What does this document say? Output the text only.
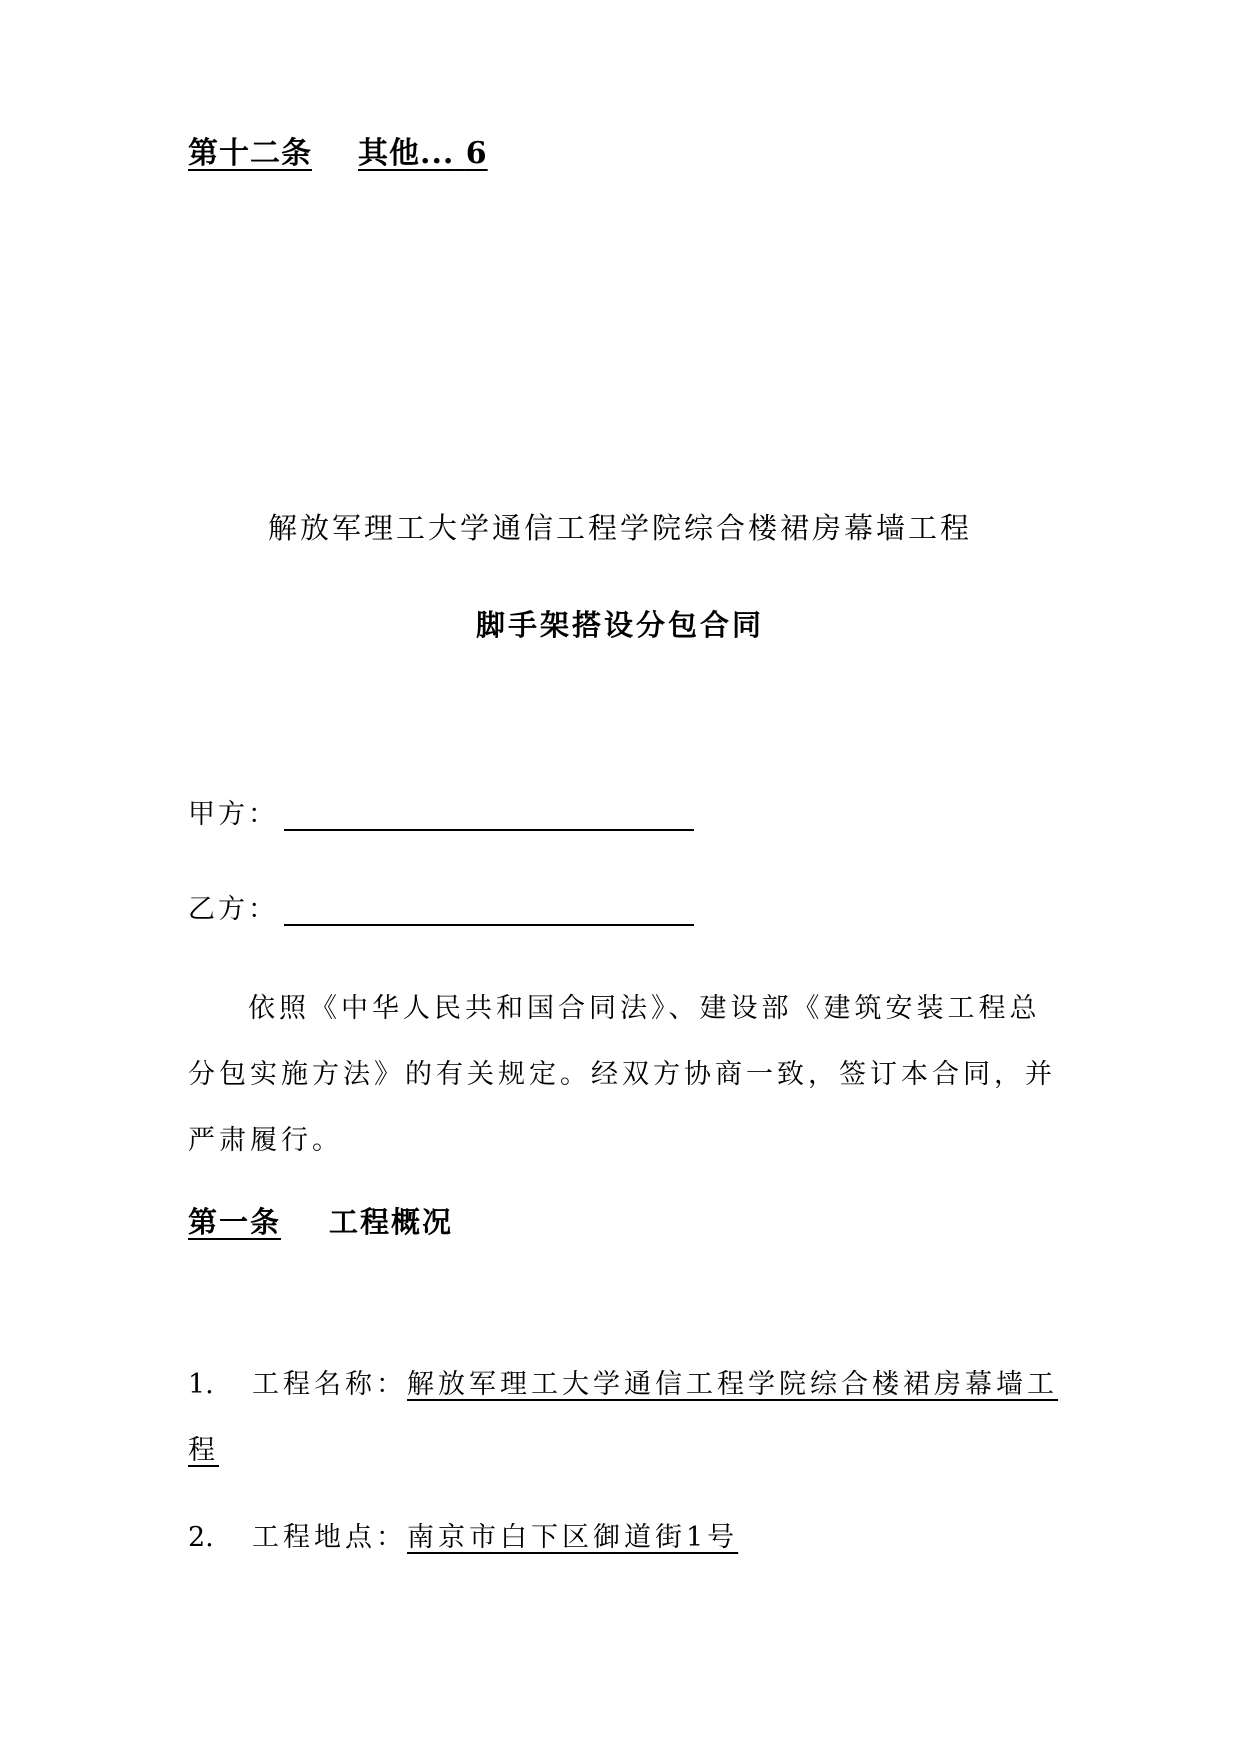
第十二条 其他... 6
解放军理工大学通信工程学院综合楼裙房幕墙工程
脚手架搭设分包合同
甲方：
乙方：
依照《中华人民共和国合同法》、建设部《建筑安装工程总分包实施方法》的有关规定。经双方协商一致，签订本合同，并严肃履行。
第一条 工程概况
1. 工程名称：解放军理工大学通信工程学院综合楼裙房幕墙工程
2. 工程地点：南京市白下区御道街1号
